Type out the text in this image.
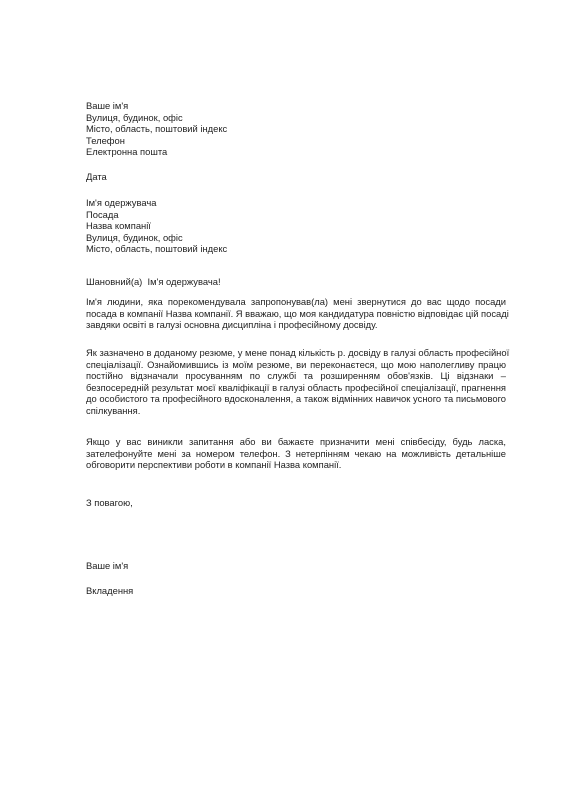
Ваше ім'я
Вулиця, будинок, офіс
Місто, область, поштовий індекс
Телефон
Електронна пошта
Дата
Ім'я одержувача
Посада
Назва компанії
Вулиця, будинок, офіс
Місто, область, поштовий індекс
Шановний(а)  Ім'я одержувача!
Ім'я людини, яка порекомендувала запропонував(ла) мені звернутися до вас щодо посади
посада в компанії Назва компанії. Я вважаю, що моя кандидатура повністю відповідає цій посаді
завдяки освіті в галузі основна дисципліна і професійному досвіду.
Як зазначено в доданому резюме, у мене понад кількість р. досвіду в галузі область професійної
спеціалізації. Ознайомившись із моїм резюме, ви переконаєтеся, що мою наполегливу працю
постійно відзначали просуванням по службі та розширенням обов'язків. Ці відзнаки –
безпосередній результат моєї кваліфікації в галузі область професійної спеціалізації, прагнення
до особистого та професійного вдосконалення, а також відмінних навичок усного та письмового
спілкування.
Якщо у вас виникли запитання або ви бажаєте призначити мені співбесіду, будь ласка,
зателефонуйте мені за номером телефон. З нетерпінням чекаю на можливість детальніше
обговорити перспективи роботи в компанії Назва компанії.
З повагою,
Ваше ім'я
Вкладення
